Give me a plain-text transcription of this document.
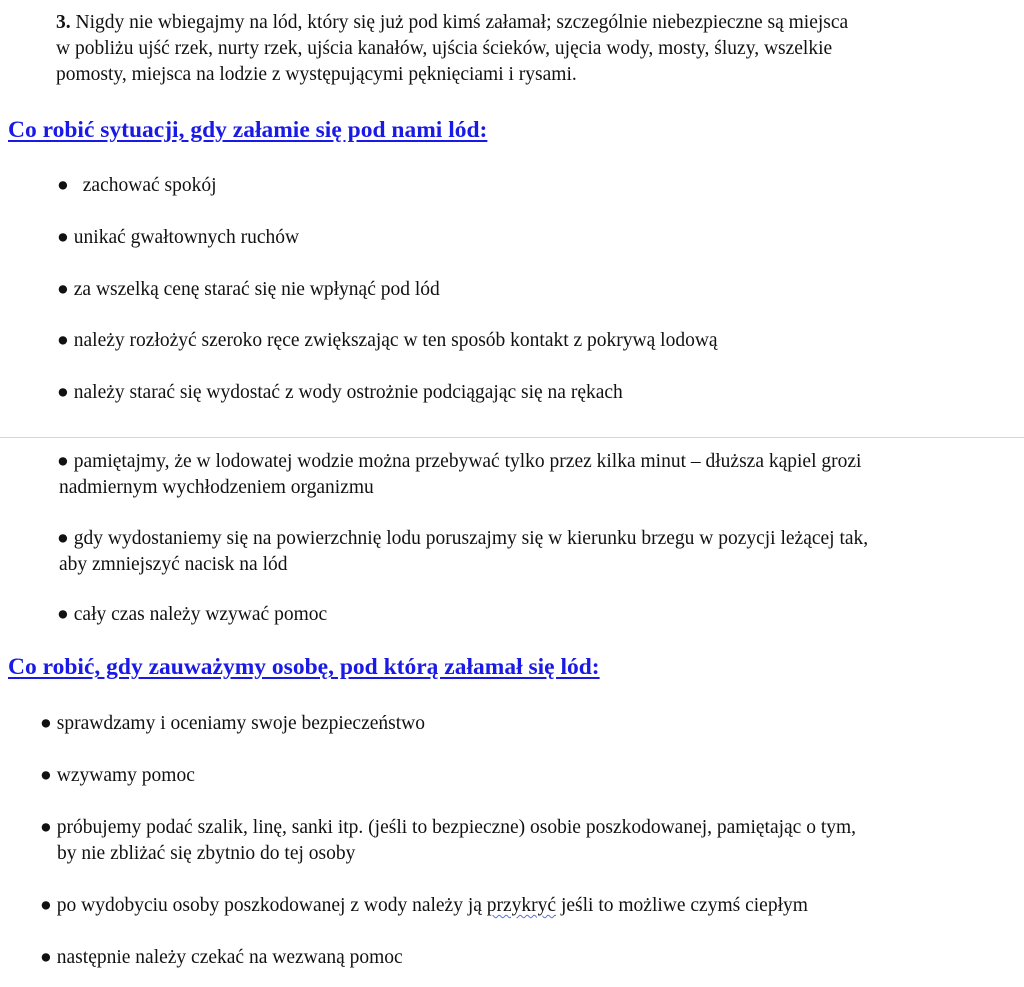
3. Nigdy nie wbiegajmy na lód, który się już pod kimś załamał; szczególnie niebezpieczne są miejsca
w pobliżu ujść rzek, nurty rzek, ujścia kanałów, ujścia ścieków, ujęcia wody, mosty, śluzy, wszelkie
pomosty, miejsca na lodzie z występującymi pęknięciami i rysami.
Co robić sytuacji, gdy załamie się pod nami lód:
● zachować spokój
● unikać gwałtownych ruchów
● za wszelką cenę starać się nie wpłynąć pod lód
● należy rozłożyć szeroko ręce zwiększając w ten sposób kontakt z pokrywą lodową
● należy starać się wydostać z wody ostrożnie podciągając się na rękach
● pamiętajmy, że w lodowatej wodzie można przebywać tylko przez kilka minut – dłuższa kąpiel grozi
nadmiernym wychłodzeniem organizmu
● gdy wydostaniemy się na powierzchnię lodu poruszajmy się w kierunku brzegu w pozycji leżącej tak,
aby zmniejszyć nacisk na lód
● cały czas należy wzywać pomoc
Co robić, gdy zauważymy osobę, pod którą załamał się lód:
● sprawdzamy i oceniamy swoje bezpieczeństwo
● wzywamy pomoc
● próbujemy podać szalik, linę, sanki itp. (jeśli to bezpieczne) osobie poszkodowanej, pamiętając o tym,
by nie zbliżać się zbytnio do tej osoby
● po wydobyciu osoby poszkodowanej z wody należy ją przykryć jeśli to możliwe czymś ciepłym
● następnie należy czekać na wezwaną pomoc
